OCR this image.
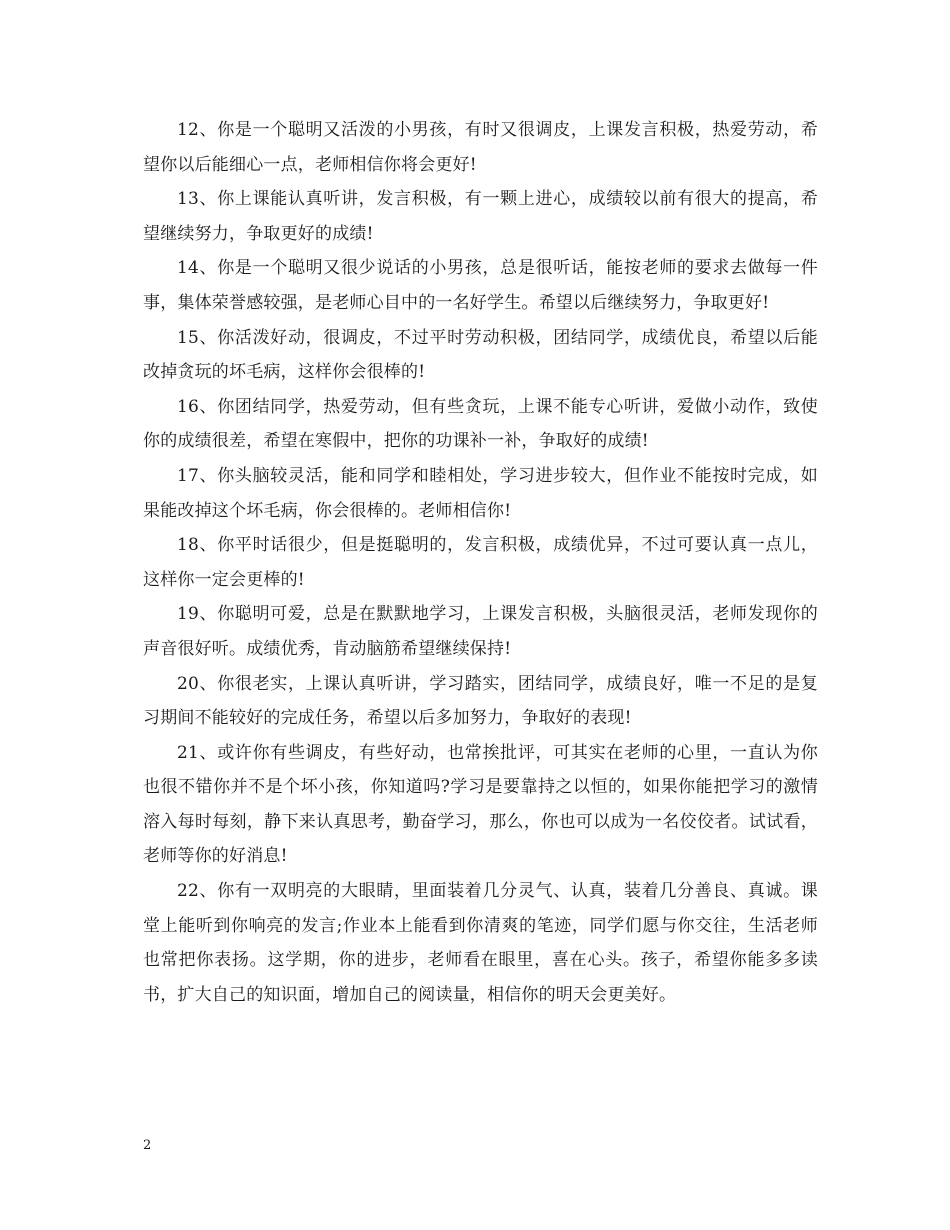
12、你是一个聪明又活泼的小男孩，有时又很调皮，上课发言积极，热爱劳动，希望你以后能细心一点，老师相信你将会更好!

13、你上课能认真听讲，发言积极，有一颗上进心，成绩较以前有很大的提高，希望继续努力，争取更好的成绩!

14、你是一个聪明又很少说话的小男孩，总是很听话，能按老师的要求去做每一件事，集体荣誉感较强，是老师心目中的一名好学生。希望以后继续努力，争取更好!

15、你活泼好动，很调皮，不过平时劳动积极，团结同学，成绩优良，希望以后能改掉贪玩的坏毛病，这样你会很棒的!

16、你团结同学，热爱劳动，但有些贪玩，上课不能专心听讲，爱做小动作，致使你的成绩很差，希望在寒假中，把你的功课补一补，争取好的成绩!

17、你头脑较灵活，能和同学和睦相处，学习进步较大，但作业不能按时完成，如果能改掉这个坏毛病，你会很棒的。老师相信你!

18、你平时话很少，但是挺聪明的，发言积极，成绩优异，不过可要认真一点儿，这样你一定会更棒的!

19、你聪明可爱，总是在默默地学习，上课发言积极，头脑很灵活，老师发现你的声音很好听。成绩优秀，肯动脑筋希望继续保持!

20、你很老实，上课认真听讲，学习踏实，团结同学，成绩良好，唯一不足的是复习期间不能较好的完成任务，希望以后多加努力，争取好的表现!

21、或许你有些调皮，有些好动，也常挨批评，可其实在老师的心里，一直认为你也很不错你并不是个坏小孩，你知道吗?学习是要靠持之以恒的，如果你能把学习的激情溶入每时每刻，静下来认真思考，勤奋学习，那么，你也可以成为一名佼佼者。试试看，老师等你的好消息!

22、你有一双明亮的大眼睛，里面装着几分灵气、认真，装着几分善良、真诚。课堂上能听到你响亮的发言;作业本上能看到你清爽的笔迹，同学们愿与你交往，生活老师也常把你表扬。这学期，你的进步，老师看在眼里，喜在心头。孩子，希望你能多多读书，扩大自己的知识面，增加自己的阅读量，相信你的明天会更美好。

2
